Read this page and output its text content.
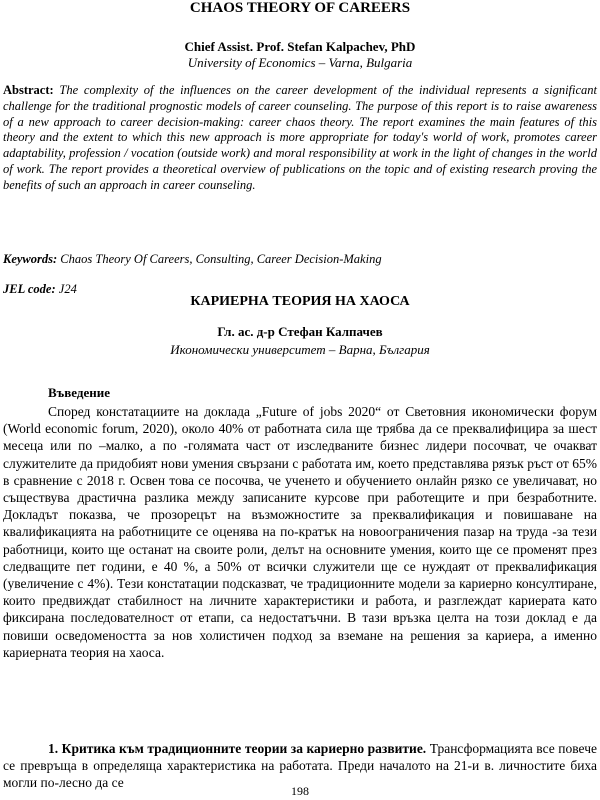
CHAOS THEORY OF CAREERS
Chief Assist. Prof. Stefan Kalpachev, PhD
University of Economics – Varna, Bulgaria

Abstract: The complexity of the influences on the career development of the individual represents a significant challenge for the traditional prognostic models of career counseling. The purpose of this report is to raise awareness of a new approach to career decision-making: career chaos theory. The report examines the main features of this theory and the extent to which this new approach is more appropriate for today's world of work, promotes career adaptability, profession / vocation (outside work) and moral responsibility at work in the light of changes in the world of work. The report provides a theoretical overview of publications on the topic and of existing research proving the benefits of such an approach in career counseling.

Keywords: Chaos Theory Of Careers, Consulting, Career Decision-Making

JEL code: J24

КАРИЕРНА ТЕОРИЯ НА ХАОСА
Гл. ас. д-р Стефан Калпачев
Икономически университет – Варна, България
Въведение

Според констатациите на доклада „Future of jobs 2020“ от Световния икономически форум (World economic forum, 2020), около 40% от работната сила ще трябва да се преквалифицира за шест месеца или по –малко, а по -голямата част от изследваните бизнес лидери посочват, че очакват служителите да придобият нови умения свързани с работата им, което представлява рязък ръст от 65% в сравнение с 2018 г. Освен това се посочва, че ученето и обучението онлайн рязко се увеличават, но съществува драстична разлика между записаните курсове при работещите и при безработните. Докладът показва, че прозорецът на възможностите за преквалификация и повишаване на квалификацията на работниците се оценява на по-кратък на новоограничения пазар на труда -за тези работници, които ще останат на своите роли, делът на основните умения, които ще се променят през следващите пет години, е 40 %, а 50% от всички служители ще се нуждаят от преквалификация (увеличение с 4%). Тези констатации подсказват, че традиционните модели за кариерно консултиране, които предвиждат стабилност на личните характеристики и работа, и разглеждат кариерата като фиксирана последователност от етапи, са недостатъчни. В тази връзка целта на този доклад е да повиши осведомеността за нов холистичен подход за вземане на решения за кариера, а именно кариерната теория на хаоса.

1. Критика към традиционните теории за кариерно развитие. Трансформацията все повече се превръща в определяща характеристика на работата. Преди началото на 21-и в. личностите биха могли по-лесно да се

198
